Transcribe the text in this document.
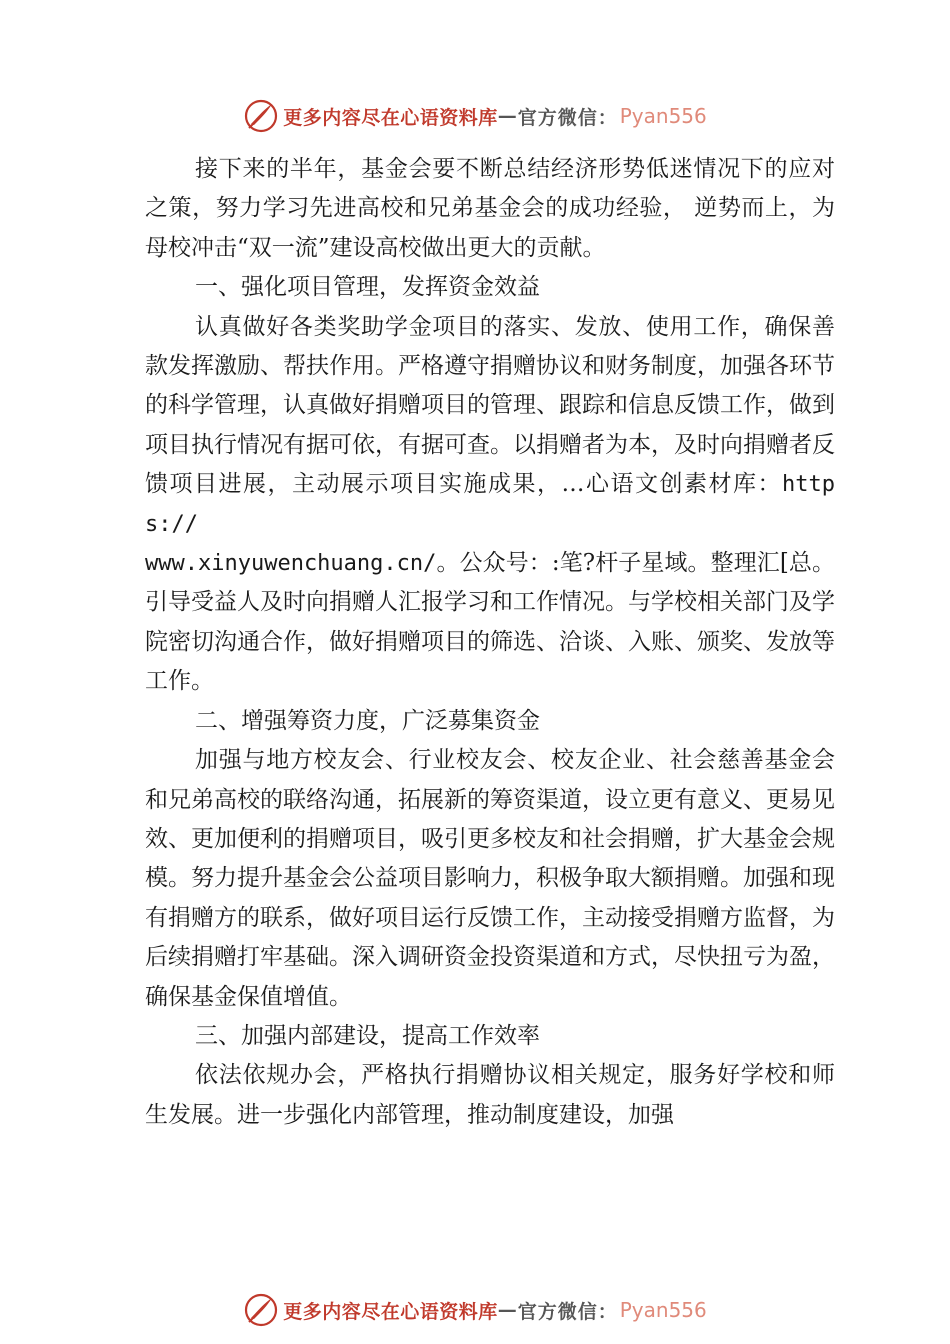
更多内容尽在心语资料库 — 官方微信： Pyan556

接下来的半年，基金会要不断总结经济形势低迷情况下的应对之策，努力学习先进高校和兄弟基金会的成功经验， 逆势而上，为母校冲击“双一流”建设高校做出更大的贡献。

一、强化项目管理，发挥资金效益

认真做好各类奖助学金项目的落实、发放、使用工作，确保善款发挥激励、帮扶作用。严格遵守捐赠协议和财务制度，加强各环节的科学管理，认真做好捐赠项目的管理、跟踪和信息反馈工作，做到项目执行情况有据可依，有据可查。以捐赠者为本，及时向捐赠者反馈项目进展，主动展示项目实施成果，…心语文创素材库：https://
www.xinyuwenchuang.cn/。公众号：:笔?杆子星域。整理汇[总。引导受益人及时向捐赠人汇报学习和工作情况。与学校相关部门及学院密切沟通合作，做好捐赠项目的筛选、洽谈、入账、颁奖、发放等工作。

二、增强筹资力度，广泛募集资金

加强与地方校友会、行业校友会、校友企业、社会慈善基金会和兄弟高校的联络沟通，拓展新的筹资渠道，设立更有意义、更易见效、更加便利的捐赠项目，吸引更多校友和社会捐赠，扩大基金会规模。努力提升基金会公益项目影响力，积极争取大额捐赠。加强和现有捐赠方的联系，做好项目运行反馈工作，主动接受捐赠方监督，为后续捐赠打牢基础。深入调研资金投资渠道和方式，尽快扭亏为盈，确保基金保值增值。

三、加强内部建设，提高工作效率

依法依规办会，严格执行捐赠协议相关规定，服务好学校和师生发展。进一步强化内部管理，推动制度建设，加强

更多内容尽在心语资料库 — 官方微信： Pyan556
